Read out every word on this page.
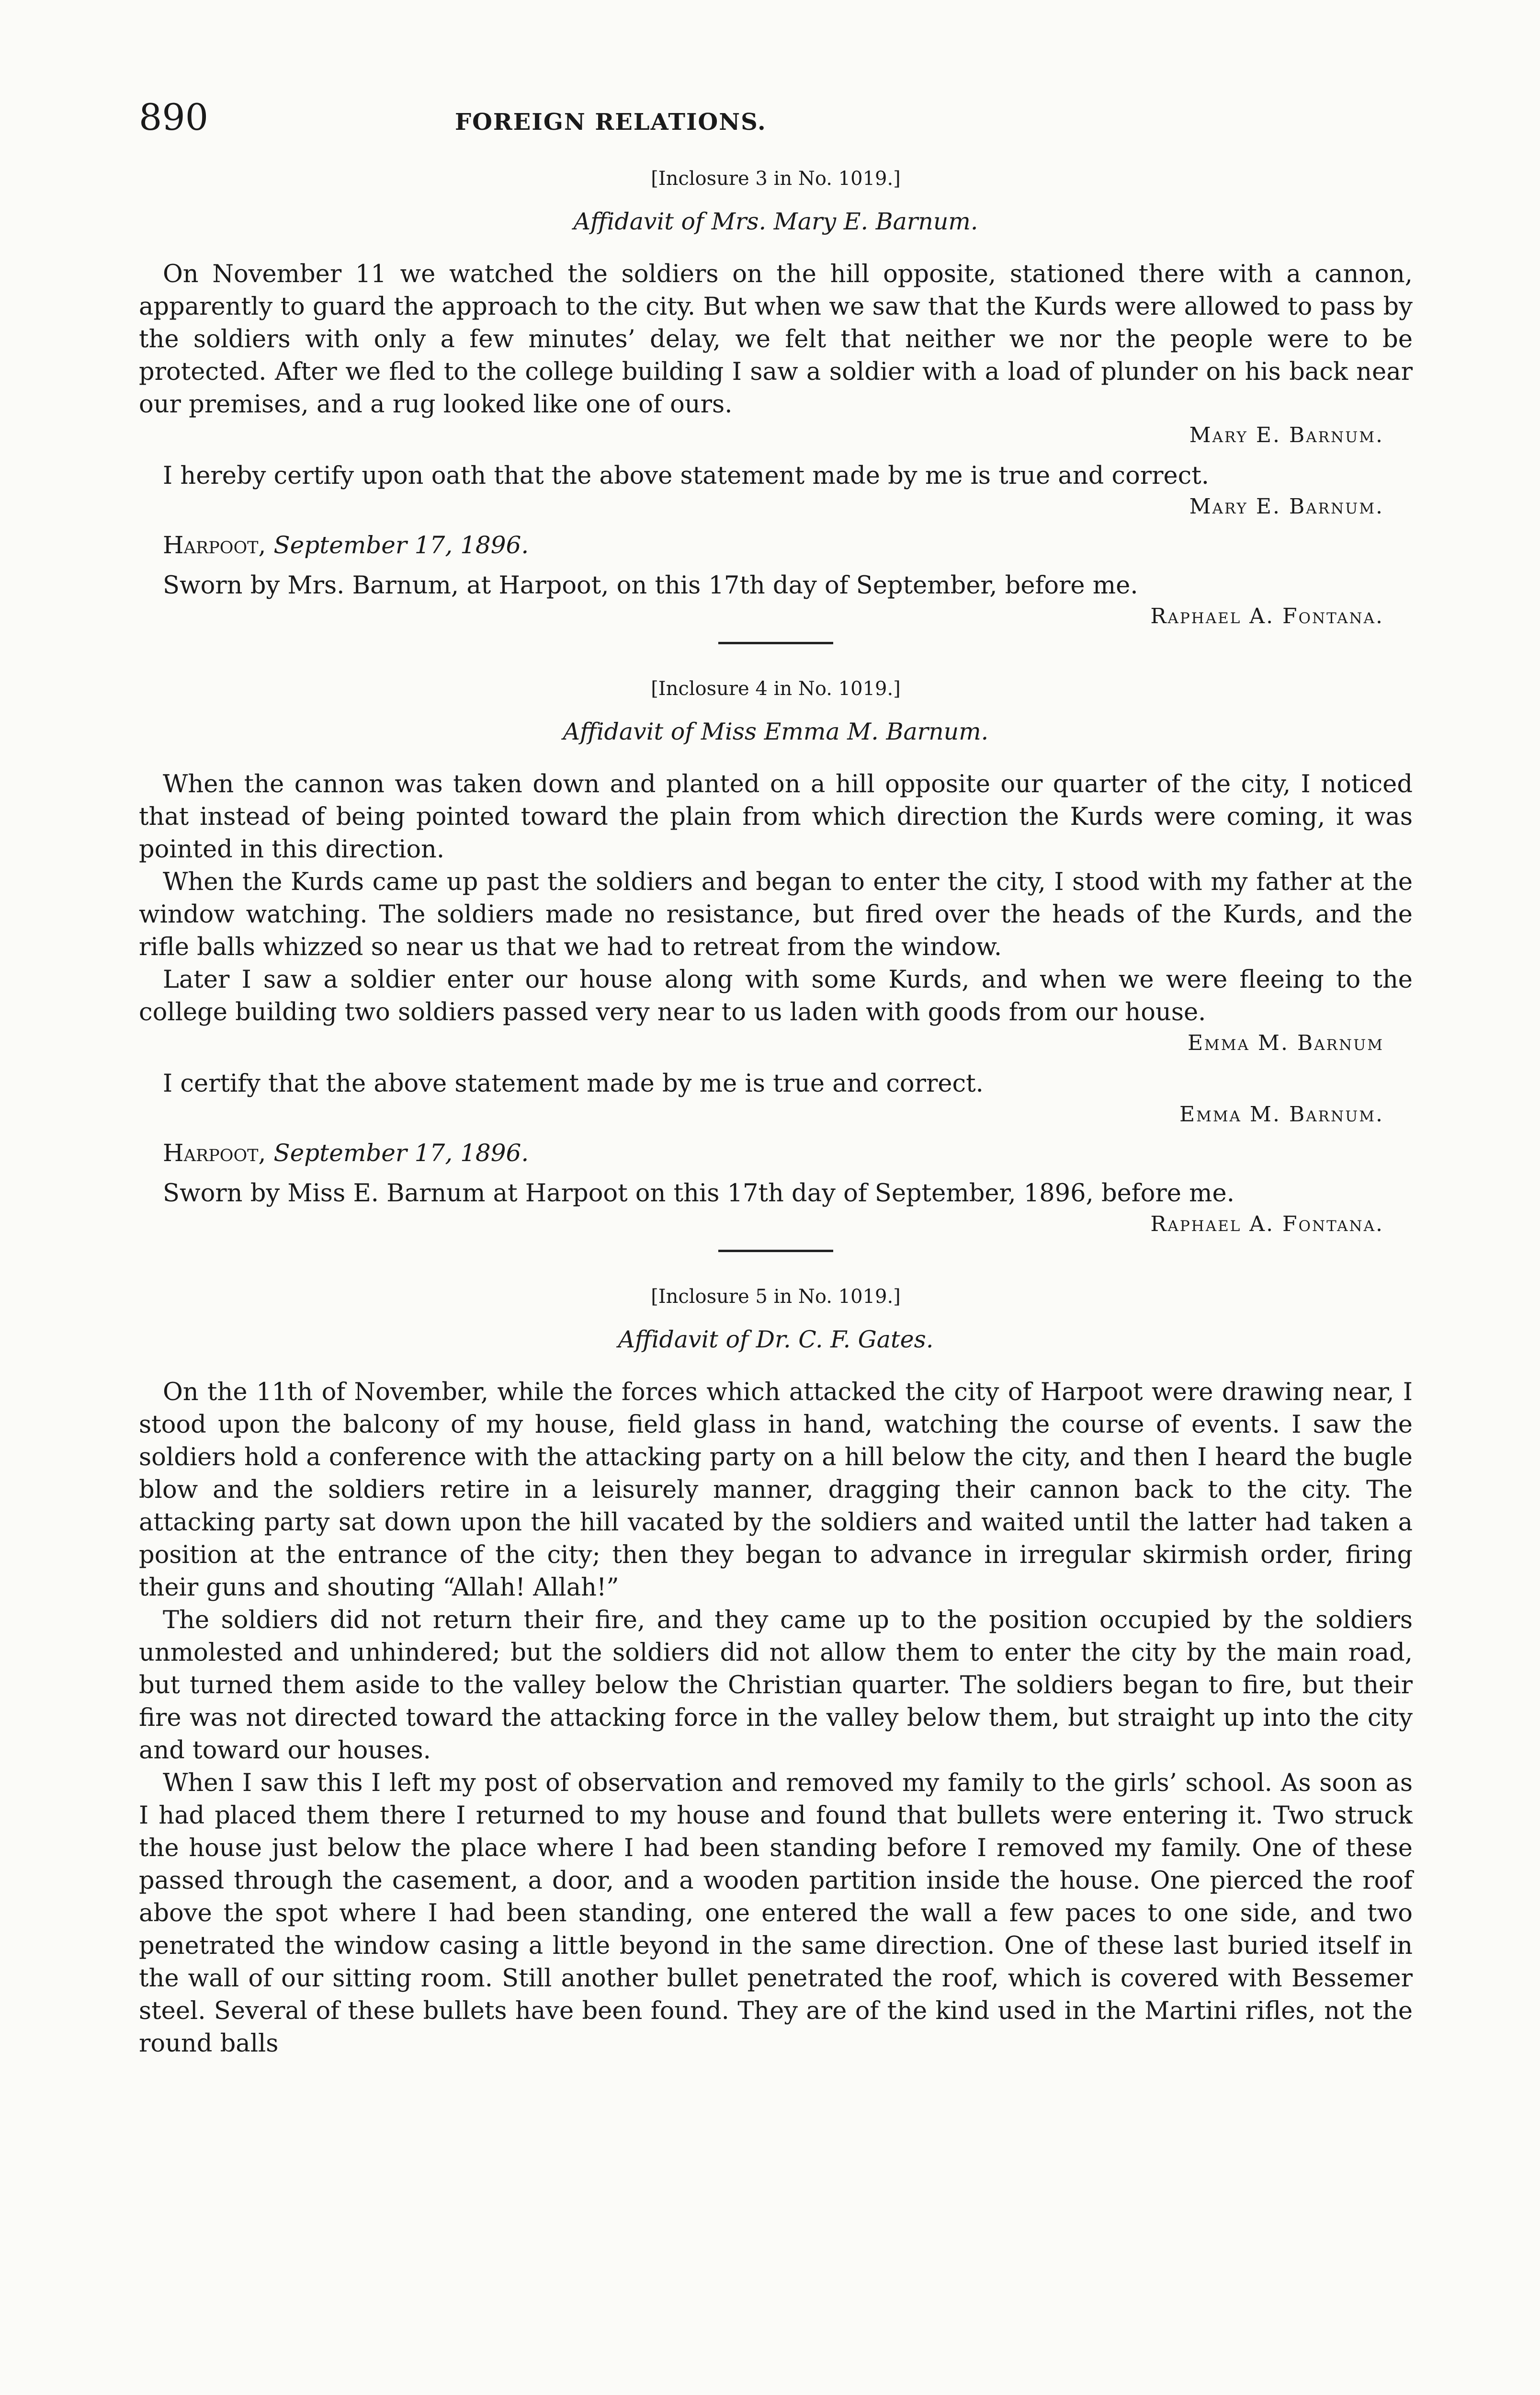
890	FOREIGN RELATIONS.

[Inclosure 3 in No. 1019.]

Affidavit of Mrs. Mary E. Barnum.

On November 11 we watched the soldiers on the hill opposite, stationed there with a cannon, apparently to guard the approach to the city. But when we saw that the Kurds were allowed to pass by the soldiers with only a few minutes’ delay, we felt that neither we nor the people were to be protected. After we fled to the college building I saw a soldier with a load of plunder on his back near our premises, and a rug looked like one of ours.

Mary E. Barnum.

I hereby certify upon oath that the above statement made by me is true and correct.

Mary E. Barnum.
Harpoot, September 17, 1896.

Sworn by Mrs. Barnum, at Harpoot, on this 17th day of September, before me.

Raphael A. Fontana.

[Inclosure 4 in No. 1019.]

Affidavit of Miss Emma M. Barnum.

When the cannon was taken down and planted on a hill opposite our quarter of the city, I noticed that instead of being pointed toward the plain from which direction the Kurds were coming, it was pointed in this direction.

When the Kurds came up past the soldiers and began to enter the city, I stood with my father at the window watching. The soldiers made no resistance, but fired over the heads of the Kurds, and the rifle balls whizzed so near us that we had to retreat from the window.

Later I saw a soldier enter our house along with some Kurds, and when we were fleeing to the college building two soldiers passed very near to us laden with goods from our house.

Emma M. Barnum

I certify that the above statement made by me is true and correct.

Emma M. Barnum.
Harpoot, September 17, 1896.

Sworn by Miss E. Barnum at Harpoot on this 17th day of September, 1896, before me.

Raphael A. Fontana.

[Inclosure 5 in No. 1019.]

Affidavit of Dr. C. F. Gates.

On the 11th of November, while the forces which attacked the city of Harpoot were drawing near, I stood upon the balcony of my house, field glass in hand, watching the course of events. I saw the soldiers hold a conference with the attacking party on a hill below the city, and then I heard the bugle blow and the soldiers retire in a leisurely manner, dragging their cannon back to the city. The attacking party sat down upon the hill vacated by the soldiers and waited until the latter had taken a position at the entrance of the city; then they began to advance in irregular skirmish order, firing their guns and shouting “Allah! Allah!”

The soldiers did not return their fire, and they came up to the position occupied by the soldiers unmolested and unhindered; but the soldiers did not allow them to enter the city by the main road, but turned them aside to the valley below the Christian quarter. The soldiers began to fire, but their fire was not directed toward the attacking force in the valley below them, but straight up into the city and toward our houses.

When I saw this I left my post of observation and removed my family to the girls’ school. As soon as I had placed them there I returned to my house and found that bullets were entering it. Two struck the house just below the place where I had been standing before I removed my family. One of these passed through the casement, a door, and a wooden partition inside the house. One pierced the roof above the spot where I had been standing, one entered the wall a few paces to one side, and two penetrated the window casing a little beyond in the same direction. One of these last buried itself in the wall of our sitting room. Still another bullet penetrated the roof, which is covered with Bessemer steel. Several of these bullets have been found. They are of the kind used in the Martini rifles, not the round balls
